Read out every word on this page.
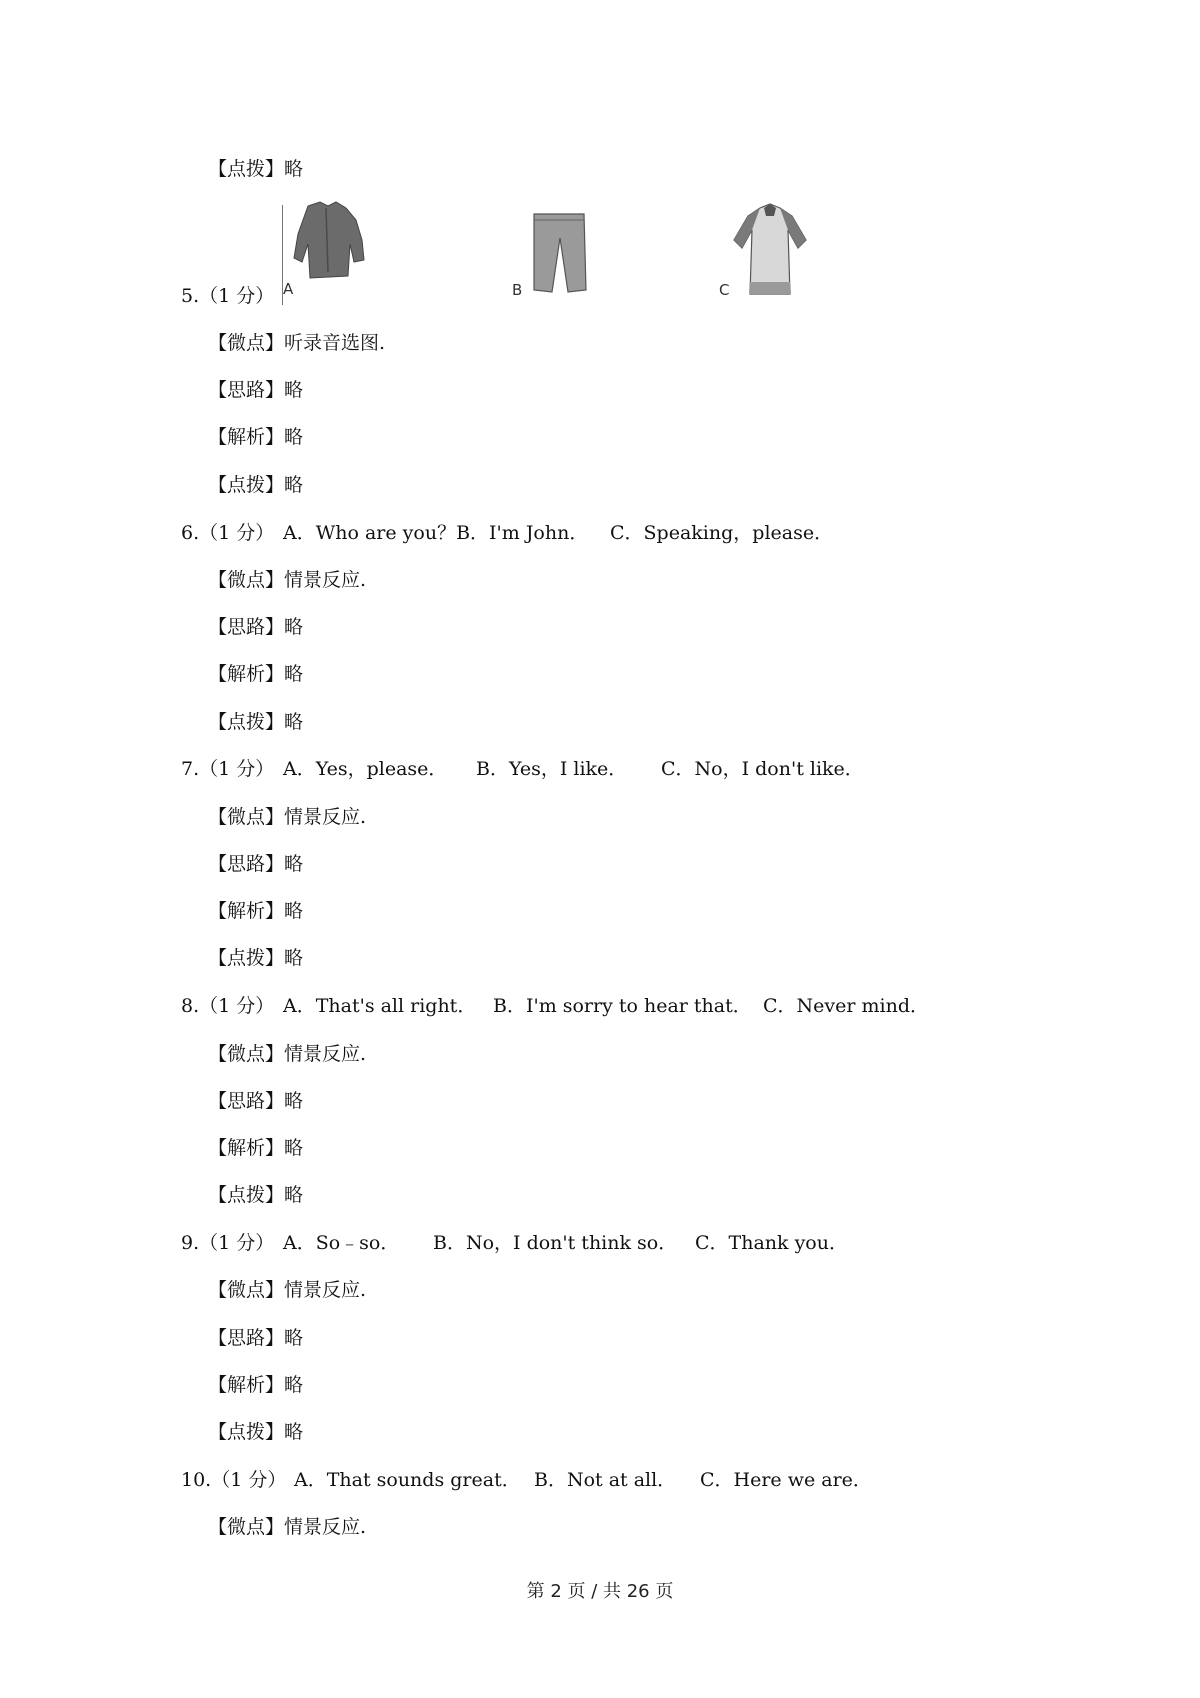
【点拨】略
5.（1 分） A	B	C
【微点】听录音选图.
【思路】略
【解析】略
【点拨】略

6.（1 分）

A．Who are you？B．I'm John．

C．Speaking，please．

【微点】情景反应.
【思路】略
【解析】略
【点拨】略

7.（1 分）

A．Yes，please．

B．Yes，I like．

C．No，I don't like．

【微点】情景反应.
【思路】略
【解析】略
【点拨】略

8.（1 分）

A．That's all right．

B．I'm sorry to hear that．

C．Never mind．

【微点】情景反应.
【思路】略
【解析】略
【点拨】略

9.（1 分）

A．So﹣so．

B．No，I don't think so．

C．Thank you．

【微点】情景反应.
【思路】略
【解析】略
【点拨】略

10.（1 分）

A．That sounds great．

B．Not at all．

C．Here we are．

【微点】情景反应.
第 2 页 / 共 26 页
